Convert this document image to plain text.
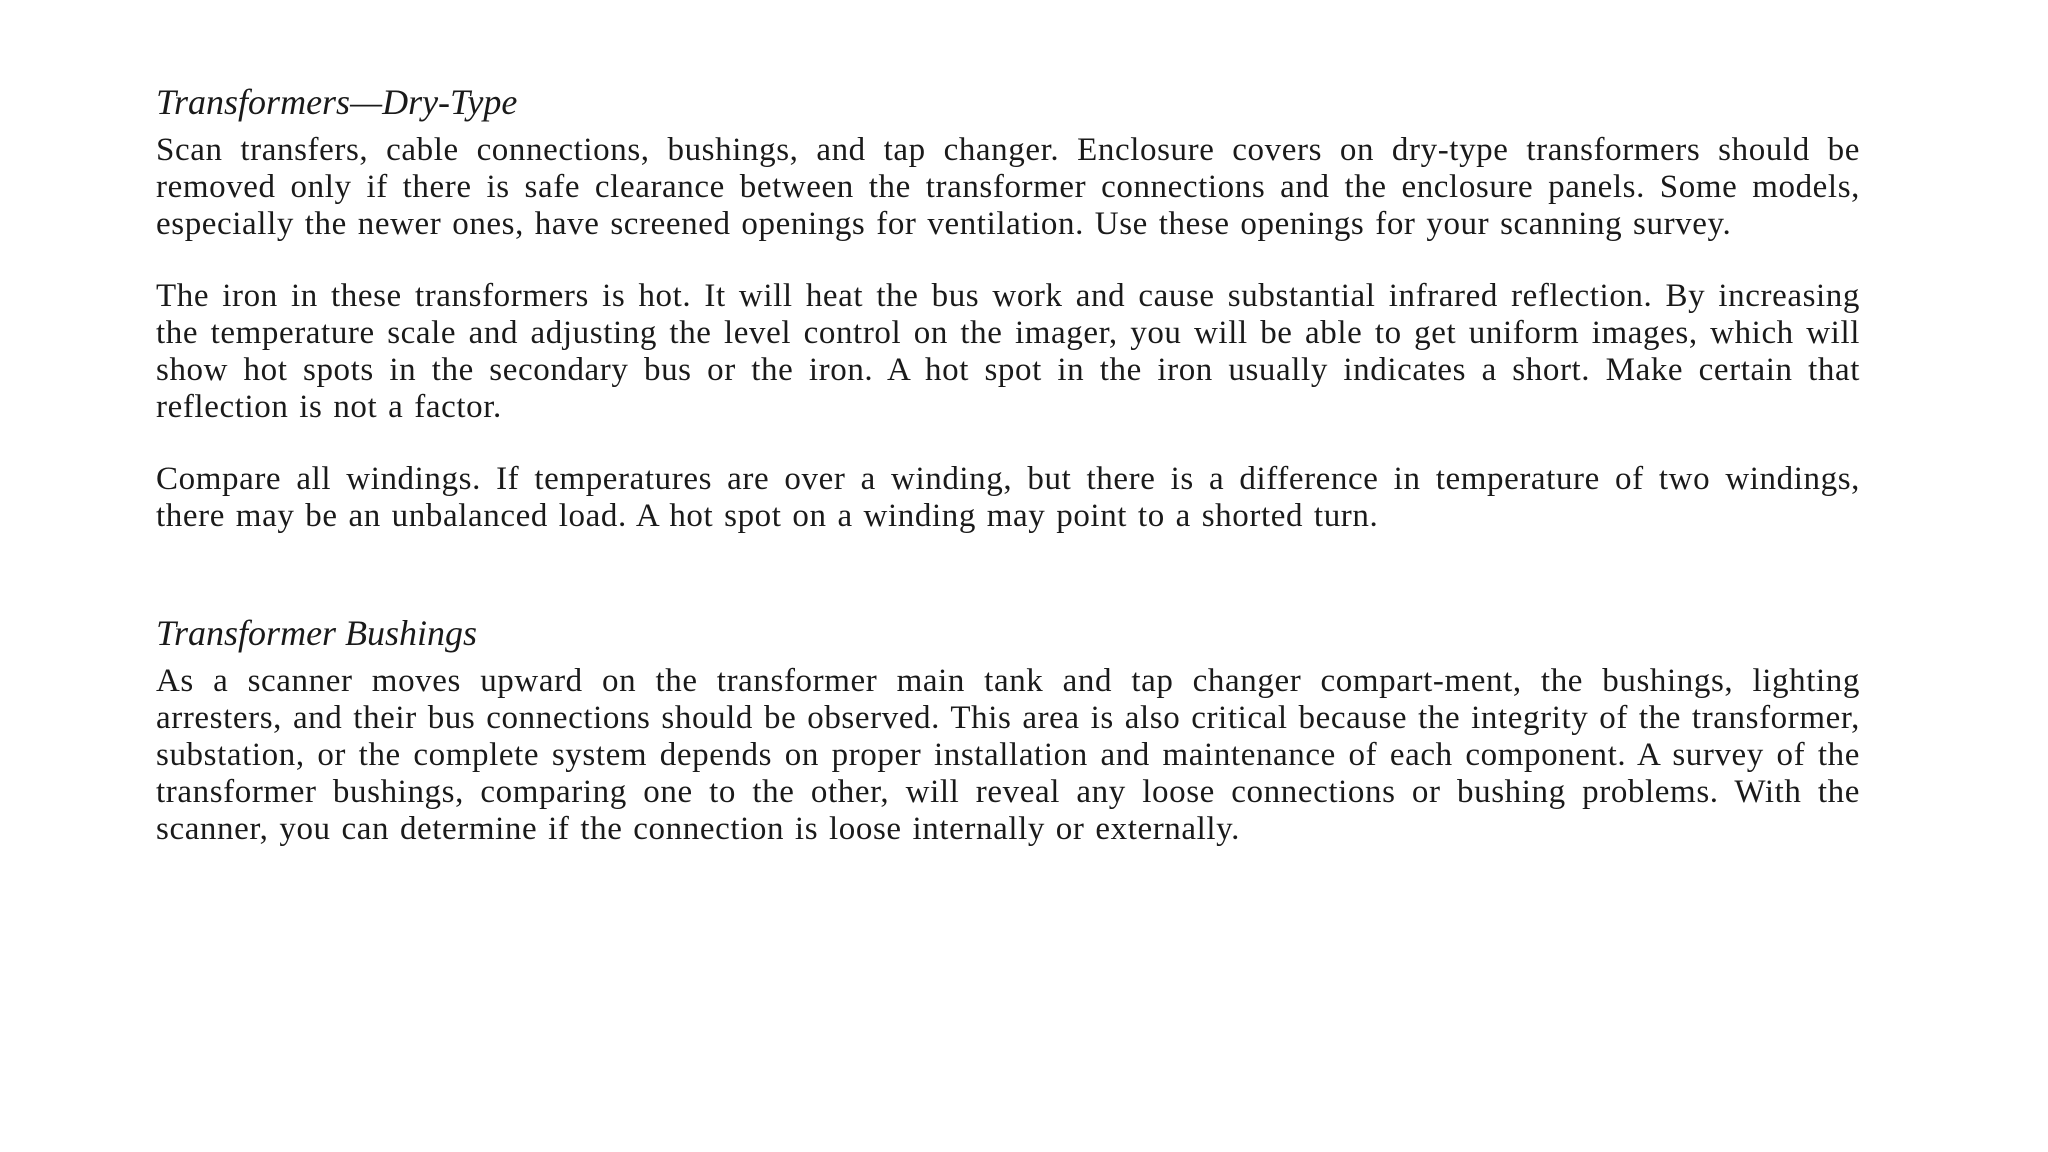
Transformers—Dry-Type

Scan transfers, cable connections, bushings, and tap changer. Enclosure covers on dry-type transformers should be removed only if there is safe clearance between the transformer connections and the enclosure panels. Some models, especially the newer ones, have screened openings for ventilation. Use these openings for your scanning survey.

The iron in these transformers is hot. It will heat the bus work and cause substantial infrared reflection. By increasing the temperature scale and adjusting the level control on the imager, you will be able to get uniform images, which will show hot spots in the secondary bus or the iron. A hot spot in the iron usually indicates a short. Make certain that reflection is not a factor.

Compare all windings. If temperatures are over a winding, but there is a difference in temperature of two windings, there may be an unbalanced load. A hot spot on a winding may point to a shorted turn.

Transformer Bushings

As a scanner moves upward on the transformer main tank and tap changer compart-ment, the bushings, lighting arresters, and their bus connections should be observed. This area is also critical because the integrity of the transformer, substation, or the complete system depends on proper installation and maintenance of each component. A survey of the transformer bushings, comparing one to the other, will reveal any loose connections or bushing problems. With the scanner, you can determine if the connection is loose internally or externally.
